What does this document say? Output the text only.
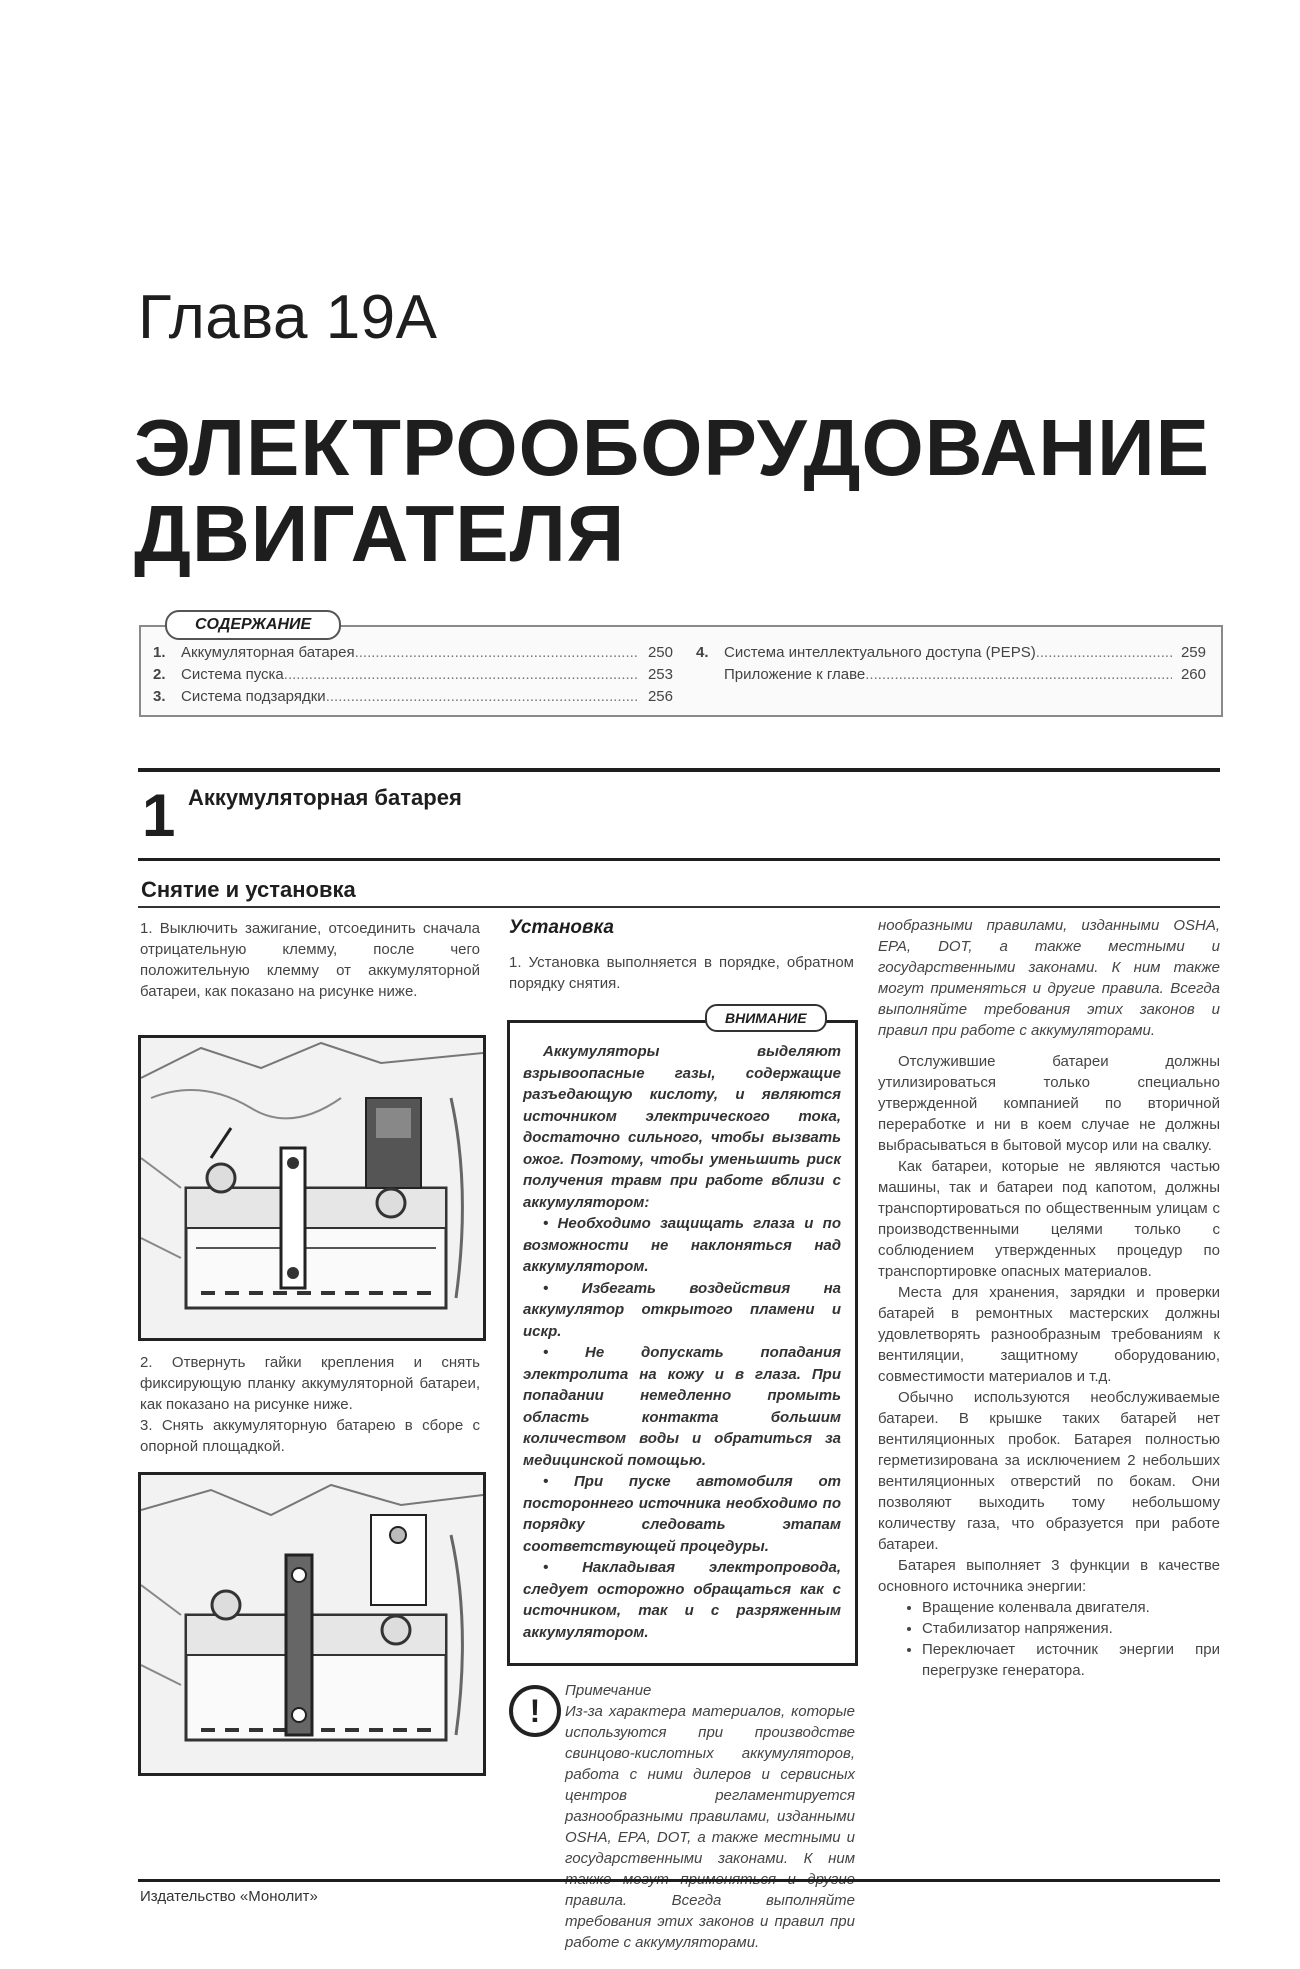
Глава 19А
ЭЛЕКТРООБОРУДОВАНИЕ
ДВИГАТЕЛЯ
1.	Аккумуляторная батарея .....	250
2.	Система пуска .....	253
3.	Система подзарядки .....	256
4.	Система интеллектуального доступа (PEPS) .....	259
Приложение к главе .....	260
СОДЕРЖАНИЕ
1 Аккумуляторная батарея
Снятие и установка

1. Выключить зажигание, отсоединить сначала отрицательную клемму, после чего положительную клемму от аккумуляторной батареи, как показано на рисунке ниже.

2. Отвернуть гайки крепления и снять фиксирующую планку аккумуляторной батареи, как показано на рисунке ниже.

3. Снять аккумуляторную батарею в сборе с опорной площадкой.

Установка

1. Установка выполняется в порядке, обратном порядку снятия.

Аккумуляторы выделяют взрывоопасные газы, содержащие разъедающую кислоту, и являются источником электрического тока, достаточно сильного, чтобы вызвать ожог. Поэтому, чтобы уменьшить риск получения травм при работе вблизи с аккумулятором:

• Необходимо защищать глаза и по возможности не наклоняться над аккумулятором.

• Избегать воздействия на аккумулятор открытого пламени и искр.

• Не допускать попадания электролита на кожу и в глаза. При попадании немедленно промыть область контакта большим количеством воды и обратиться за медицинской помощью.

• При пуске автомобиля от постороннего источника необходимо по порядку следовать этапам соответствующей процедуры.

• Накладывая электропровода, следует осторожно обращаться как с источником, так и с разряженным аккумулятором.

ВНИМАНИЕ
!

Примечание

Из-за характера материалов, которые используются при производстве свинцово-кислотных аккумуляторов, работа с ними дилеров и сервисных центров регламентируется разнообразными правилами, изданными OSHA, EPA, DOT, а также местными и государственными законами. К ним правила. Всегда выполняйте требования этих законов и правил при работе с аккумуляторами.

нообразными правилами, изданными OSHA, EPA, DOT, а также местными и государственными законами. К ним также могут применяться и другие правила. Всегда выполняйте требования этих законов и правил при работе с аккумуляторами.

Отслужившие батареи должны утилизироваться только специально утвержденной компанией по вторичной переработке и ни в коем случае не должны выбрасываться в бытовой мусор или на свалку.

Как батареи, которые не являются частью машины, так и батареи под капотом, должны транспортироваться по общественным улицам с производственными целями только с соблюдением утвержденных процедур по транспортировке опасных материалов.

Места для хранения, зарядки и проверки батарей в ремонтных мастерских должны удовлетворять разнообразным требованиям к вентиляции, защитному оборудованию, совместимости материалов и т.д.

Обычно используются необслуживаемые батареи. В крышке таких батарей нет вентиляционных пробок. Батарея полностью герметизирована за исключением 2 небольших вентиляционных отверстий по бокам. Они позволяют выходить тому небольшому количеству газа, что образуется при работе батареи.

Батарея выполняет 3 функции в качестве основного источника энергии:

• Вращение коленвала двигателя.
• Стабилизатор напряжения.
• Переключает источник энергии при перегрузке генератора.
Издательство «Монолит»
